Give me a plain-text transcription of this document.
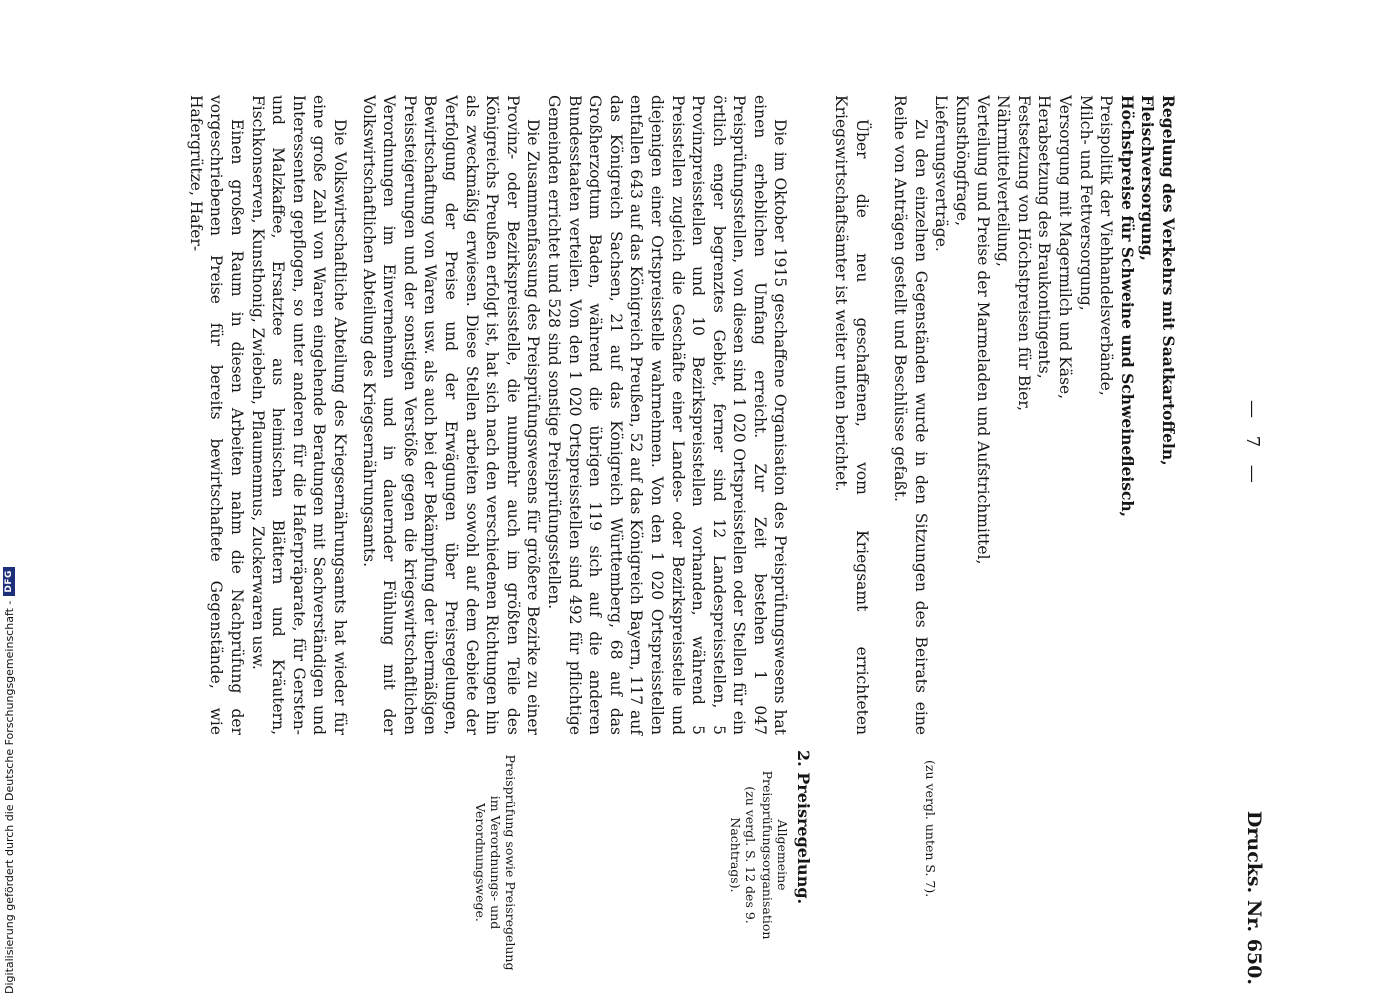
Digitalisierung gefördert durch die Deutsche Forschungsgemeinschaft -
DFG
— 7 —
Drucks. Nr. 650.

Regelung des Verkehrs mit Saatkartoffeln,

Fleischversorgung,

Höchstpreise für Schweine und Schweinefleisch,

Preispolitik der Viehhandelsverbände,

Milch- und Fettversorgung,

Versorgung mit Magermilch und Käse,

Herabsetzung des Braukontingents,

Festsetzung von Höchstpreisen für Bier,

Nährmittelverteilung,

Verteilung und Preise der Marmeladen und Aufstrichmittel,

Kunsthöngfrage,

Lieferungsverträge.

Zu den einzelnen Gegenständen wurde in den Sitzungen des Beirats eine Reihe von Anträgen gestellt und Beschlüsse gefaßt.

Über die neu geschaffenen, vom Kriegsamt errichteten Kriegswirtschaftsämter ist weiter unten berichtet.

Die im Oktober 1915 geschaffene Organisation des Preisprüfungswesens hat einen erheblichen Umfang erreicht. Zur Zeit bestehen 1 047 Preisprüfungsstellen, von diesen sind 1 020 Ortspreisstellen oder Stellen für ein örtlich enger begrenztes Gebiet, ferner sind 12 Landespreisstellen, 5 Provinzpreisstellen und 10 Bezirkspreisstellen vorhanden, während 5 Preisstellen zugleich die Geschäfte einer Landes- oder Bezirkspreisstelle und diejenigen einer Ortspreisstelle wahrnehmen. Von den 1 020 Ortspreisstellen entfallen 643 auf das Königreich Preußen, 52 auf das Königreich Bayern, 117 auf das Königreich Sachsen, 21 auf das Königreich Württemberg, 68 auf das Großherzogtum Baden, während die übrigen 119 sich auf die anderen Bundesstaaten verteilen. Von den 1 020 Ortspreisstellen sind 492 für pflichtige Gemeinden errichtet und 528 sind sonstige Preisprüfungsstellen.

Die Zusammenfassung des Preisprüfungswesens für größere Bezirke zu einer Provinz- oder Bezirkspreisstelle, die nunmehr auch im größten Teile des Königreichs Preußen erfolgt ist, hat sich nach den verschiedenen Richtungen hin als zweckmäßig erwiesen. Diese Stellen arbeiten sowohl auf dem Gebiete der Verfolgung der Preise und der Erwägungen über Preisregelungen, Bewirtschaftung von Waren usw. als auch bei der Bekämpfung der übermäßigen Preissteigerungen und der sonstigen Verstöße gegen die kriegswirtschaftlichen Verordnungen im Einvernehmen und in dauernder Fühlung mit der Volkswirtschaftlichen Abteilung des Kriegsernährungsamts.

Die Volkswirtschaftliche Abteilung des Kriegsernährungsamts hat wieder für eine große Zahl von Waren eingehende Beratungen mit Sachverständigen und Interessenten gepflogen, so unter anderen für die Haferpräparate, für Gersten- und Malzkaffee, Ersatztee aus heimischen Blättern und Kräutern, Fischkonserven, Kunsthonig, Zwiebeln, Pflaumenmus, Zuckerwaren usw.

Einen großen Raum in diesen Arbeiten nahm die Nachprüfung der vorgeschriebenen Preise für bereits bewirtschaftete Gegenstände, wie Hafergrütze, Hafer-

(zu vergl. unten S. 7).
2. Preisregelung.
Allgemeine Preisprüfungsorganisation
(zu vergl. S. 12 des 9. Nachtrags).
Preisprüfung sowie Preisregelung im Verordnungs- und Verordnungswege.
